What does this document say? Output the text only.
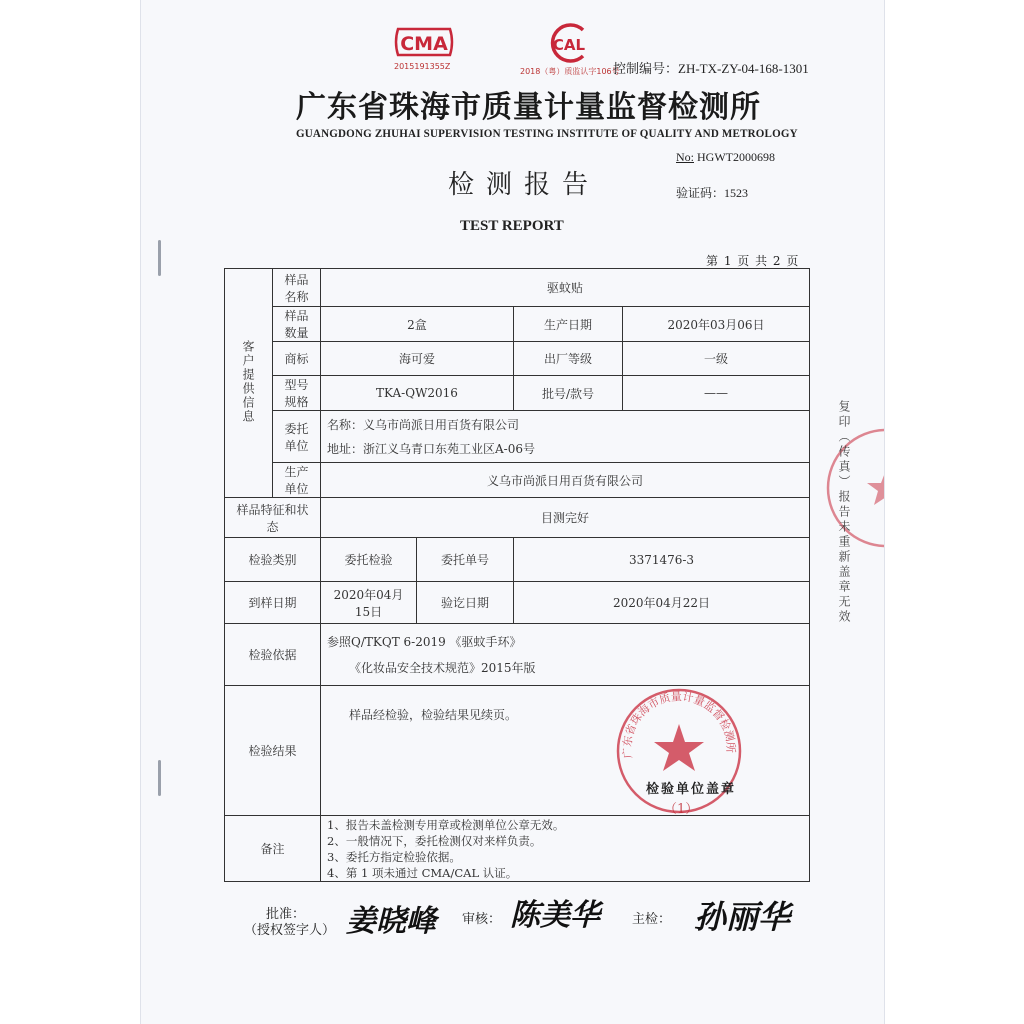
CMA
2015191355Z
CAL
2018（粤）质监认字106号
控制编号：ZH-TX-ZY-04-168-1301
广东省珠海市质量计量监督检测所
GUANGDONG ZHUHAI SUPERVISION TESTING INSTITUTE OF QUALITY AND METROLOGY
No: HGWT2000698
检测报告	验证码：1523
TEST REPORT
第 1 页 共 2 页
客户提供信息	样品名称	驱蚊贴			
	样品数量	2盒		生产日期	2020年03月06日
	商标	海可爱		出厂等级	一级
	型号规格	TKA-QW2016		批号/款号	——
	委托单位	名称：义乌市尚派日用百货有限公司
地址：浙江义乌青口东苑工业区A-06号			

	生产单位	义乌市尚派日用百货有限公司			
样品特征和状态		目测完好			
检验类别		委托检验	委托单号	3371476-3	
到样日期		2020年04月15日	验讫日期	2020年04月22日	
检验依据		参照Q/TKQT 6-2019 《驱蚊手环》
《化妆品安全技术规范》2015年版			

检验结果		样品经检验，检验结果见续页。			
备注		1、报告未盖检测专用章或检测单位公章无效。
2、一般情况下，委托检测仅对来样负责。
3、委托方指定检验依据。
4、第 1 项未通过 CMA/CAL 认证。			
广东省珠海市质量计量监督检测所
检验单位盖章
（1）
复印（传真）报告未重新盖章无效
批准：
（授权签字人） 姜晓峰 审核： 陈美华 主检： 孙丽华
